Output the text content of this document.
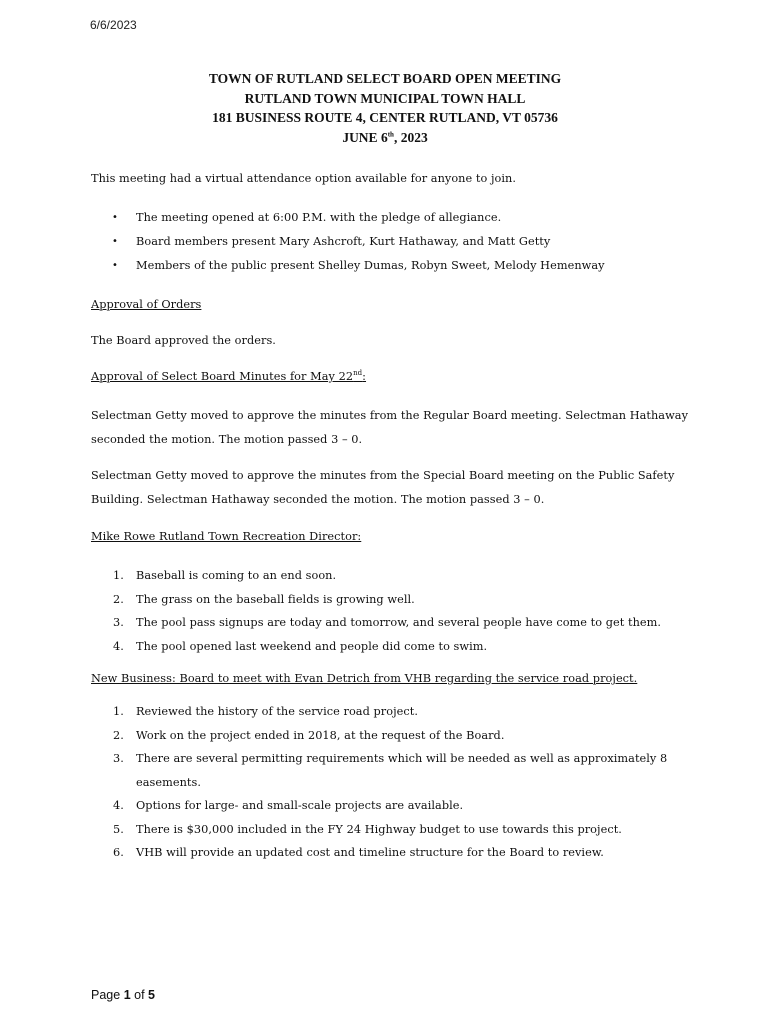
6/6/2023
TOWN OF RUTLAND SELECT BOARD OPEN MEETING
RUTLAND TOWN MUNICIPAL TOWN HALL
181 BUSINESS ROUTE 4, CENTER RUTLAND, VT 05736
JUNE 6th, 2023

This meeting had a virtual attendance option available for anyone to join.

• The meeting opened at 6:00 P.M. with the pledge of allegiance.
• Board members present Mary Ashcroft, Kurt Hathaway, and Matt Getty
• Members of the public present Shelley Dumas, Robyn Sweet, Melody Hemenway

Approval of Orders

The Board approved the orders.

Approval of Select Board Minutes for May 22nd:

Selectman Getty moved to approve the minutes from the Regular Board meeting. Selectman Hathaway seconded the motion. The motion passed 3 – 0.

Selectman Getty moved to approve the minutes from the Special Board meeting on the Public Safety Building. Selectman Hathaway seconded the motion. The motion passed 3 – 0.

Mike Rowe Rutland Town Recreation Director:

1. Baseball is coming to an end soon.
2. The grass on the baseball fields is growing well.
3. The pool pass signups are today and tomorrow, and several people have come to get them.
4. The pool opened last weekend and people did come to swim.

New Business: Board to meet with Evan Detrich from VHB regarding the service road project.

1. Reviewed the history of the service road project.
2. Work on the project ended in 2018, at the request of the Board.
3. There are several permitting requirements which will be needed as well as approximately 8 easements.
4. Options for large- and small-scale projects are available.
5. There is $30,000 included in the FY 24 Highway budget to use towards this project.
6. VHB will provide an updated cost and timeline structure for the Board to review.
Page 1 of 5
